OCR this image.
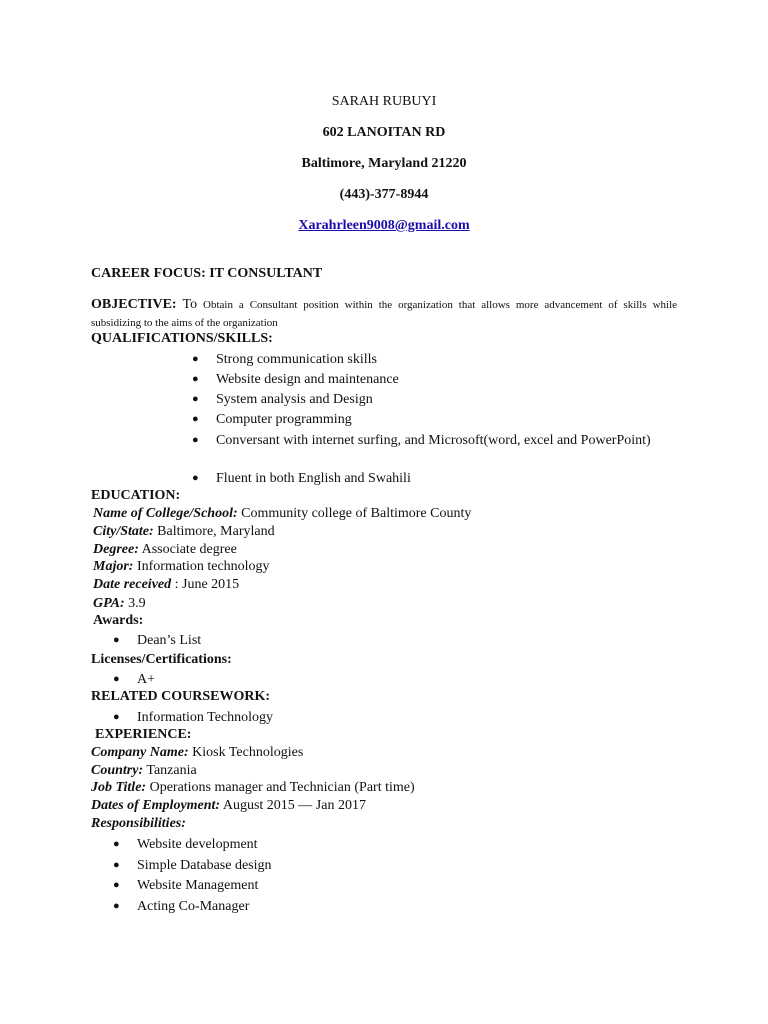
SARAH RUBUYI
602 LANOITAN RD
Baltimore, Maryland 21220
(443)-377-8944
Xarahrleen9008@gmail.com
CAREER FOCUS: IT CONSULTANT
OBJECTIVE: To Obtain a Consultant position within the organization that allows more advancement of skills while subsidizing to the aims of the organization
QUALIFICATIONS/SKILLS:
●	Strong communication skills
●	Website design and maintenance
●	System analysis and Design
●	Computer programming
●	Conversant with internet surfing, and Microsoft(word, excel and PowerPoint)
●	Fluent in both English and Swahili
EDUCATION:
Name of College/School: Community college of Baltimore County
City/State: Baltimore, Maryland
Degree: Associate degree
Major: Information technology
Date received : June 2015
GPA: 3.9
Awards:
●	Dean’s List
Licenses/Certifications:
●	A+
RELATED COURSEWORK:
●	Information Technology
EXPERIENCE:
Company Name: Kiosk Technologies
Country: Tanzania
Job Title: Operations manager and Technician (Part time)
Dates of Employment: August 2015 — Jan 2017
Responsibilities:
●	Website development
●	Simple Database design
●	Website Management
●	Acting Co-Manager
